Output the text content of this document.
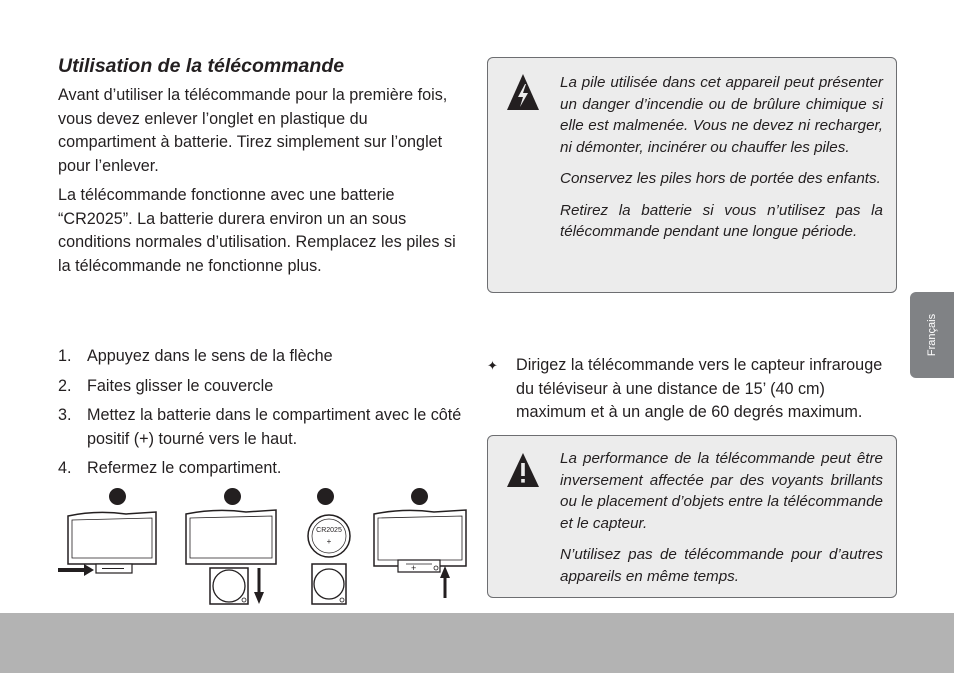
Utilisation de la télécommande

Avant d’utiliser la télécommande pour la première fois, vous devez enlever l’onglet en plastique du compartiment à batterie. Tirez simplement sur l’onglet pour l’enlever.

La télécommande fonctionne avec une batterie “CR2025”. La batterie durera environ un an sous conditions normales d’utilisation. Remplacez les piles si la télécommande ne fonctionne plus.

La pile utilisée dans cet appareil peut présenter un danger d’incendie ou de brûlure chimique si elle est malmenée. Vous ne devez ni recharger, ni démonter, incinérer ou chauffer les piles.

Conservez les piles hors de portée des enfants.

Retirez la batterie si vous n’utilisez pas la télécommande pendant une longue période.

1. Appuyez dans le sens de la flèche
2. Faites glisser le couvercle
3. Mettez la batterie dans le compartiment avec le côté positif (+) tourné vers le haut.
4. Refermez le compartiment.
CR2025
+
+
✦ Dirigez la télécommande vers le capteur infrarouge du téléviseur à une distance de 15’ (40 cm) maximum et à un angle de 60 degrés maximum.

La performance de la télécommande peut être inversement affectée par des voyants brillants ou le placement d’objets entre la télécommande et le capteur.

N’utilisez pas de télécommande pour d’autres appareils en même temps.

Français
